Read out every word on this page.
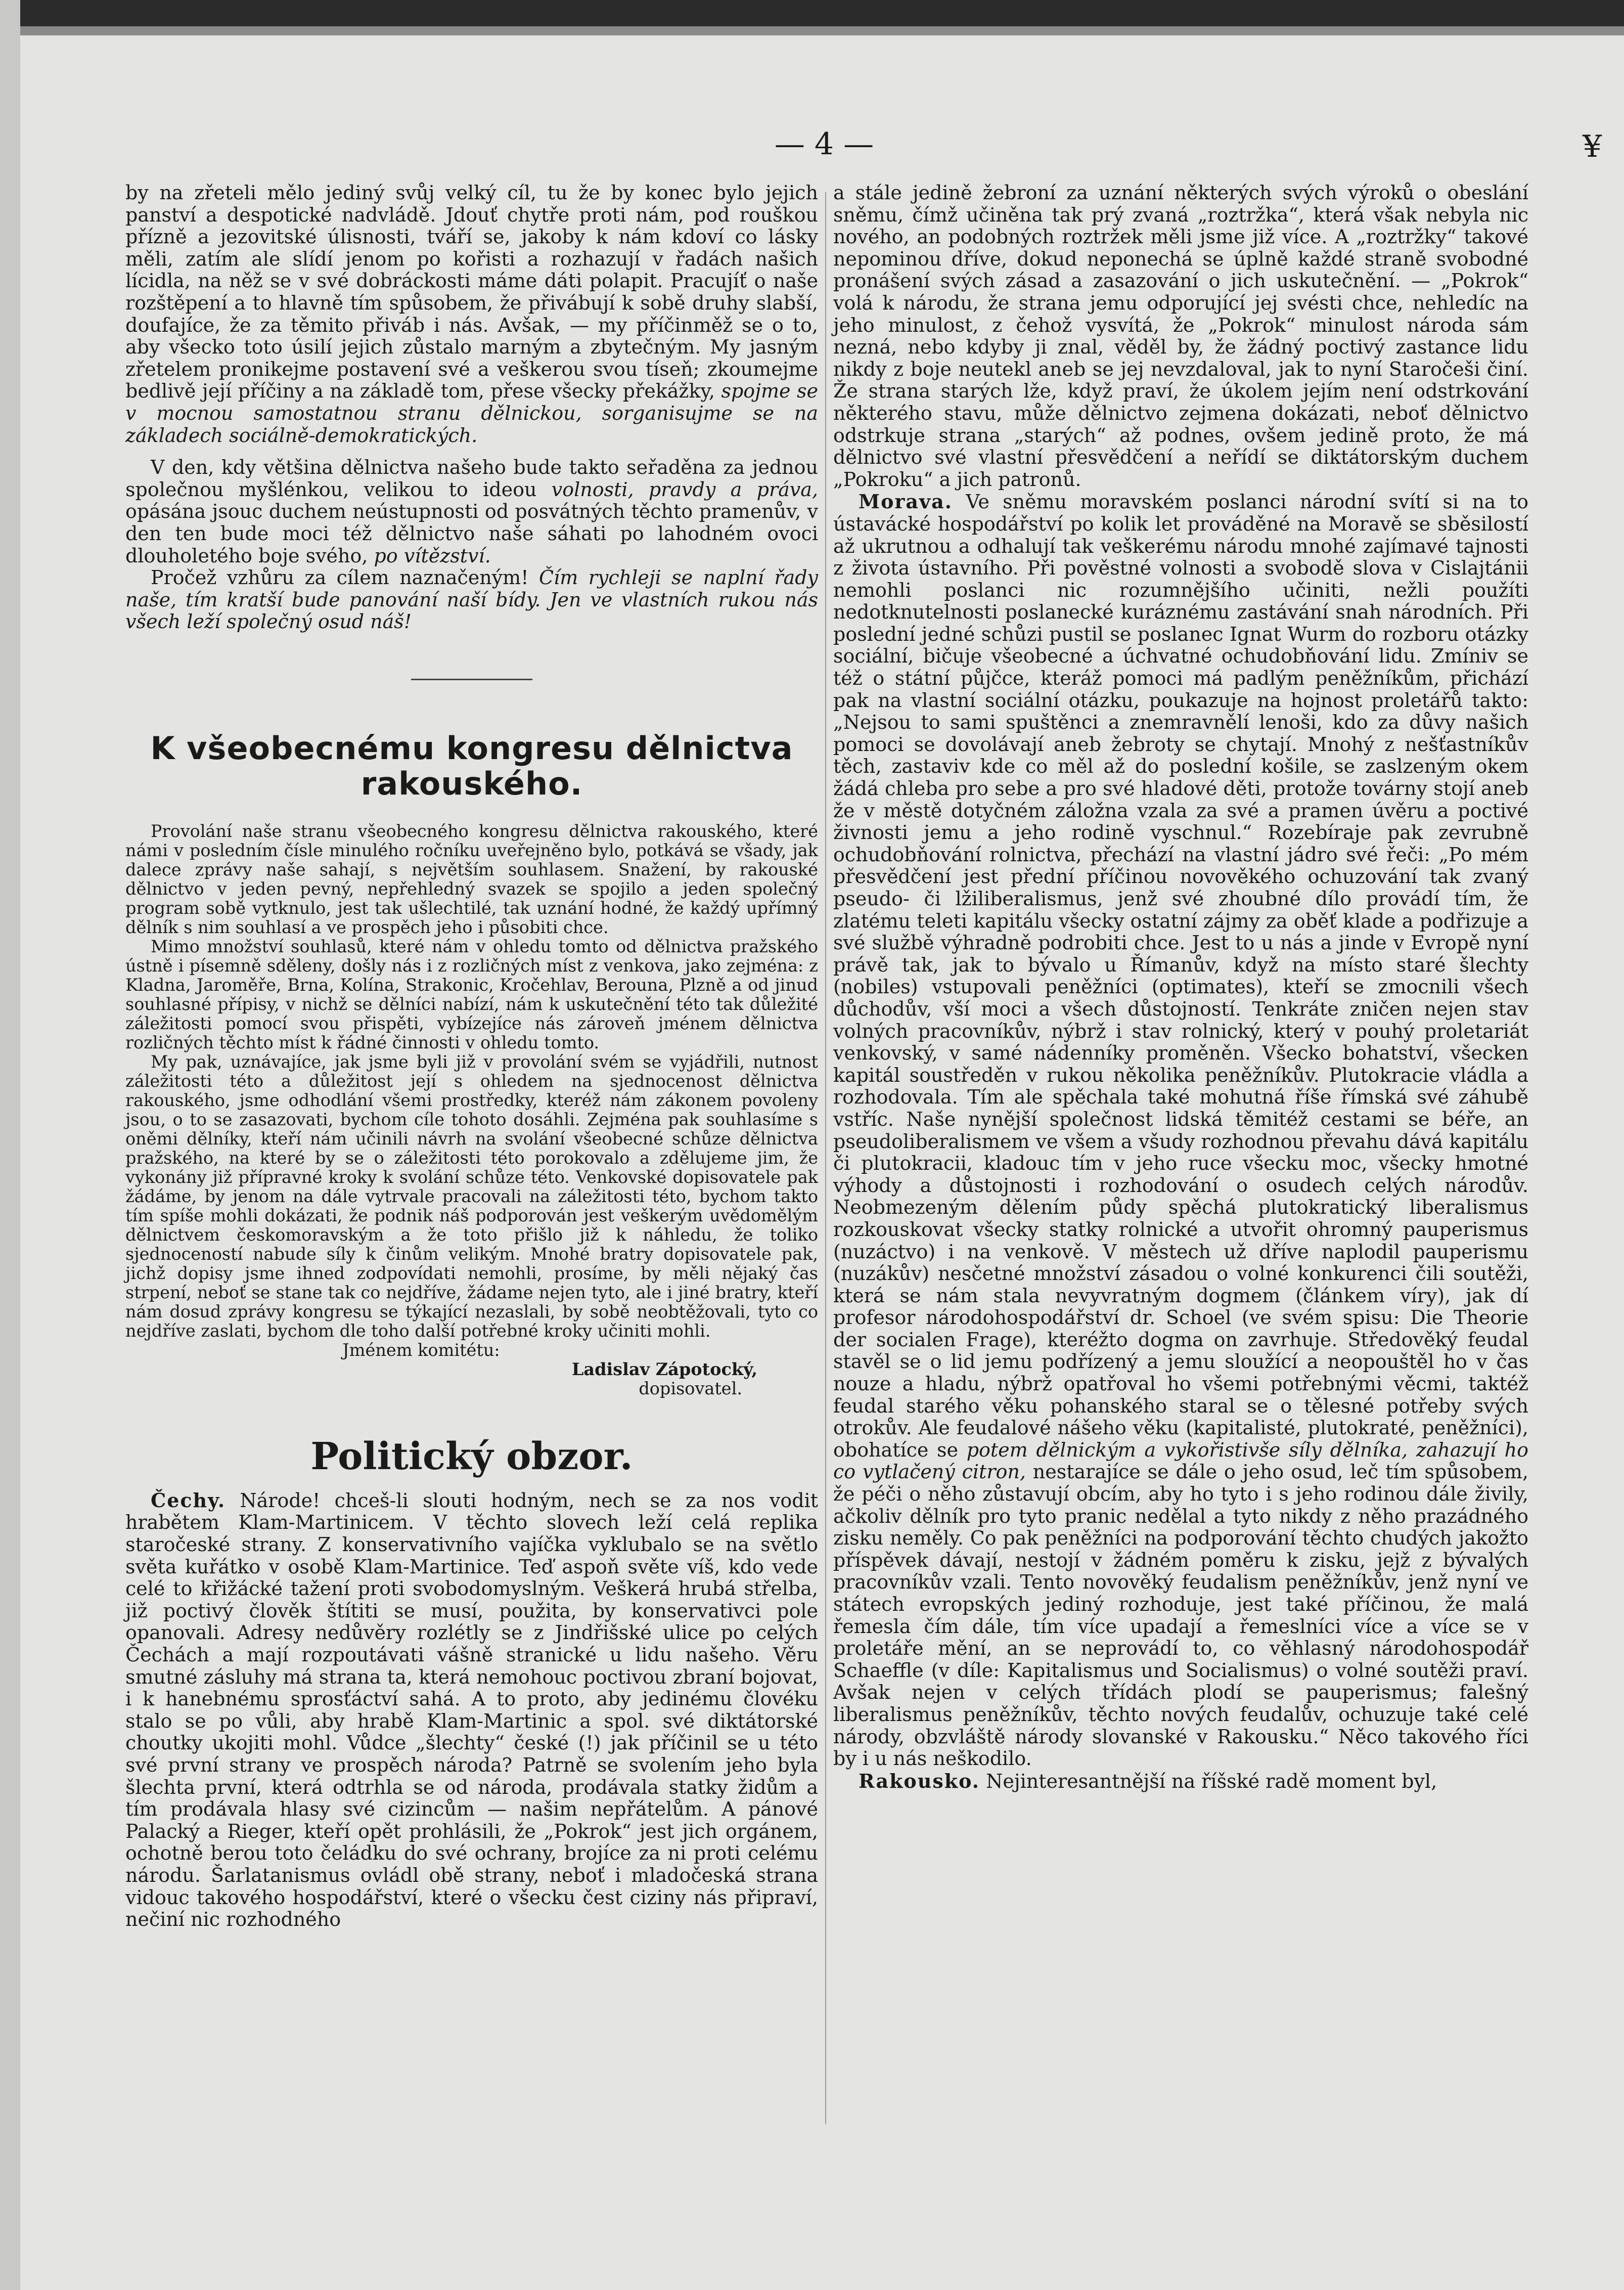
— 4 —	¥

by na zřeteli mělo jediný svůj velký cíl, tu že by konec bylo jejich panství a despotické nadvládě. Jdouť chytře proti nám, pod rouškou přízně a jezovitské úlisnosti, tváří se, jakoby k nám kdoví co lásky měli, zatím ale slídí jenom po kořisti a rozhazují v řadách našich lícidla, na něž se v své dobráckosti máme dáti polapit. Pracujíť o naše rozštěpení a to hlavně tím spůsobem, že přivábují k sobě druhy slabší, doufajíce, že za těmito přiváb i nás. Avšak, — my příčinměž se o to, aby všecko toto úsilí jejich zůstalo marným a zbytečným. My jasným zřetelem pronikejme postavení své a veškerou svou tíseň; zkoumejme bedlivě její příčiny a na základě tom, přese všecky překážky, spojme se v mocnou samostatnou stranu dělnickou, sorganisujme se na základech sociálně-demokratických.

V den, kdy většina dělnictva našeho bude takto seřaděna za jednou společnou myšlénkou, velikou to ideou volnosti, pravdy a práva, opásána jsouc duchem neústupnosti od posvátných těchto pramenův, v den ten bude moci též dělnictvo naše sáhati po lahodném ovoci dlouholetého boje svého, po vítězství.

Pročež vzhůru za cílem naznačeným! Čím rychleji se naplní řady naše, tím kratší bude panování naší bídy. Jen ve vlastních rukou nás všech leží společný osud náš!

K všeobecnému kongresu dělnictva rakouského.

Provolání naše stranu všeobecného kongresu dělnictva rakouského, které námi v posledním čísle minulého ročníku uveřejněno bylo, potkává se všady, jak dalece zprávy naše sahají, s největším souhlasem. Snažení, by rakouské dělnictvo v jeden pevný, nepřehledný svazek se spojilo a jeden společný program sobě vytknulo, jest tak ušlechtilé, tak uznání hodné, že každý upřímný dělník s nim souhlasí a ve prospěch jeho i působiti chce.

Mimo množství souhlasů, které nám v ohledu tomto od dělnictva pražského ústně i písemně sděleny, došly nás i z rozličných míst z venkova, jako zejména: z Kladna, Jaroměře, Brna, Kolína, Strakonic, Kročehlav, Berouna, Plzně a od jinud souhlasné přípisy, v nichž se dělníci nabízí, nám k uskutečnění této tak důležité záležitosti pomocí svou přispěti, vybízejíce nás zároveň jménem dělnictva rozličných těchto míst k řádné činnosti v ohledu tomto.

My pak, uznávajíce, jak jsme byli již v provolání svém se vyjádřili, nutnost záležitosti této a důležitost její s ohledem na sjednocenost dělnictva rakouského, jsme odhodlání všemi prostředky, kteréž nám zákonem povoleny jsou, o to se zasazovati, bychom cíle tohoto dosáhli. Zejména pak souhlasíme s oněmi dělníky, kteří nám učinili návrh na svolání všeobecné schůze dělnictva pražského, na které by se o záležitosti této porokovalo a zdělujeme jim, že vykonány již přípravné kroky k svolání schůze této. Venkovské dopisovatele pak žádáme, by jenom na dále vytrvale pracovali na záležitosti této, bychom takto tím spíše mohli dokázati, že podnik náš podporován jest veškerým uvědomělým dělnictvem českomoravským a že toto přišlo již k náhledu, že toliko sjednoceností nabude síly k činům velikým. Mnohé bratry dopisovatele pak, jichž dopisy jsme ihned zodpovídati nemohli, prosíme, by měli nějaký čas strpení, neboť se stane tak co nejdříve, žádame nejen tyto, ale i jiné bratry, kteří nám dosud zprávy kongresu se týkající nezaslali, by sobě neobtěžovali, tyto co nejdříve zaslati, bychom dle toho další potřebné kroky učiniti mohli.

Jménem komitétu:

Ladislav Zápotocký,

dopisovatel.

Politický obzor.

Čechy. Národe! chceš-li slouti hodným, nech se za nos vodit hrabětem Klam-Martinicem. V těchto slovech leží celá replika staročeské strany. Z konservativního vajíčka vyklubalo se na světlo světa kuřátko v osobě Klam-Martinice. Teď aspoň světe víš, kdo vede celé to křižácké tažení proti svobodomyslným. Veškerá hrubá střelba, již poctivý člověk štítiti se musí, použita, by konservativci pole opanovali. Adresy nedůvěry rozlétly se z Jindřišské ulice po celých Čechách a mají rozpoutávati vášně stranické u lidu našeho. Věru smutné zásluhy má strana ta, která nemohouc poctivou zbraní bojovat, i k hanebnému sprosťáctví sahá. A to proto, aby jedinému človéku stalo se po vůli, aby hrabě Klam-Martinic a spol. své diktátorské choutky ukojiti mohl. Vůdce „šlechty“ české (!) jak příčinil se u této své první strany ve prospěch národa? Patrně se svolením jeho byla šlechta první, která odtrhla se od národa, prodávala statky židům a tím prodávala hlasy své cizincům — našim nepřátelům. A pánové Palacký a Rieger, kteří opět prohlásili, že „Pokrok“ jest jich orgánem, ochotně berou toto čeládku do své ochrany, brojíce za ni proti celému národu. Šarlatanismus ovládl obě strany, neboť i mladočeská strana vidouc takového hospodářství, které o všecku čest ciziny nás připraví, nečiní nic rozhodného

a stále jedině žebroní za uznání některých svých výroků o obeslání sněmu, čímž učiněna tak prý zvaná „roztržka“, která však nebyla nic nového, an podobných roztržek měli jsme již více. A „roztržky“ takové nepominou dříve, dokud neponechá se úplně každé straně svobodné pronášení svých zásad a zasazování o jich uskutečnění. — „Pokrok“ volá k národu, že strana jemu odporující jej svésti chce, nehledíc na jeho minulost, z čehož vysvítá, že „Pokrok“ minulost národa sám nezná, nebo kdyby ji znal, věděl by, že žádný poctivý zastance lidu nikdy z boje neutekl aneb se jej nevzdaloval, jak to nyní Staročeši činí. Že strana starých lže, když praví, že úkolem jejím není odstrkování některého stavu, může dělnictvo zejmena dokázati, neboť dělnictvo odstrkuje strana „starých“ až podnes, ovšem jedině proto, že má dělnictvo své vlastní přesvědčení a neřídí se diktátorským duchem „Pokroku“ a jich patronů.

Morava. Ve sněmu moravském poslanci národní svítí si na to ústavácké hospodářství po kolik let prováděné na Moravě se sběsilostí až ukrutnou a odhalují tak veškerému národu mnohé zajímavé tajnosti z života ústavního. Při pověstné volnosti a svobodě slova v Cislajtánii nemohli poslanci nic rozumnějšího učiniti, nežli použíti nedotknutelnosti poslanecké kuráznému zastávání snah národních. Při poslední jedné schůzi pustil se poslanec Ignat Wurm do rozboru otázky sociální, bičuje všeobecné a úchvatné ochudobňování lidu. Zmíniv se též o státní půjčce, kteráž pomoci má padlým peněžníkům, přichází pak na vlastní sociální otázku, poukazuje na hojnost proletářů takto: „Nejsou to sami spuštěnci a znemravnělí lenoši, kdo za důvy našich pomoci se dovolávají aneb žebroty se chytají. Mnohý z nešťastníkův těch, zastaviv kde co měl až do poslední košile, se zaslzeným okem žádá chleba pro sebe a pro své hladové děti, protože továrny stojí aneb že v městě dotyčném záložna vzala za své a pramen úvěru a poctivé živnosti jemu a jeho rodině vyschnul.“ Rozebíraje pak zevrubně ochudobňování rolnictva, přechází na vlastní jádro své řeči: „Po mém přesvědčení jest přední příčinou novověkého ochuzování tak zvaný pseudo- či lžiliberalismus, jenž své zhoubné dílo provádí tím, že zlatému teleti kapitálu všecky ostatní zájmy za oběť klade a podřizuje a své službě výhradně podrobiti chce. Jest to u nás a jinde v Evropě nyní právě tak, jak to bývalo u Římanův, když na místo staré šlechty (nobiles) vstupovali peněžníci (optimates), kteří se zmocnili všech důchodův, vší moci a všech důstojností. Tenkráte zničen nejen stav volných pracovníkův, nýbrž i stav rolnický, který v pouhý proletariát venkovský, v samé nádenníky proměněn. Všecko bohatství, všecken kapitál soustředěn v rukou několika peněžníkův. Plutokracie vládla a rozhodovala. Tím ale spěchala také mohutná říše římská své záhubě vstříc. Naše nynější společnost lidská těmitéž cestami se béře, an pseudoliberalismem ve všem a všudy rozhodnou převahu dává kapitálu či plutokracii, kladouc tím v jeho ruce všecku moc, všecky hmotné výhody a důstojnosti i rozhodování o osudech celých národův. Neobmezeným dělením půdy spěchá plutokratický liberalismus rozkouskovat všecky statky rolnické a utvořit ohromný pauperismus (nuzáctvo) i na venkově. V městech už dříve naplodil pauperismu (nuzákův) nesčetné množství zásadou o volné konkurenci čili soutěži, která se nám stala nevyvratným dogmem (článkem víry), jak dí profesor národohospodářství dr. Schoel (ve svém spisu: Die Theorie der socialen Frage), kteréžto dogma on zavrhuje. Středověký feudal stavěl se o lid jemu podřízený a jemu sloužící a neopouštěl ho v čas nouze a hladu, nýbrž opatřoval ho všemi potřebnými věcmi, taktéž feudal starého věku pohanského staral se o tělesné potřeby svých otrokův. Ale feudalové nášeho věku (kapitalisté, plutokraté, peněžníci), obohatíce se potem dělnickým a vykořistivše síly dělníka, zahazují ho co vytlačený citron, nestarajíce se dále o jeho osud, leč tím spůsobem, že péči o něho zůstavují obcím, aby ho tyto i s jeho rodinou dále živily, ačkoliv dělník pro tyto pranic nedělal a tyto nikdy z něho prazádného zisku neměly. Co pak peněžníci na podporování těchto chudých jakožto příspěvek dávají, nestojí v žádném poměru k zisku, jejž z bývalých pracovníkův vzali. Tento novověký feudalism peněžníkův, jenž nyní ve státech evropských jediný rozhoduje, jest také příčinou, že malá řemesla čím dále, tím více upadají a řemeslníci více a více se v proletáře mění, an se neprovádí to, co věhlasný národohospodář Schaeffle (v díle: Kapitalismus und Socialismus) o volné soutěži praví. Avšak nejen v celých třídách plodí se pauperismus; falešný liberalismus peněžníkův, těchto nových feudalův, ochuzuje také celé národy, obzvláště národy slovanské v Rakousku.“ Něco takového říci by i u nás neškodilo.

Rakousko. Nejinteresantnější na říšské radě moment byl,
